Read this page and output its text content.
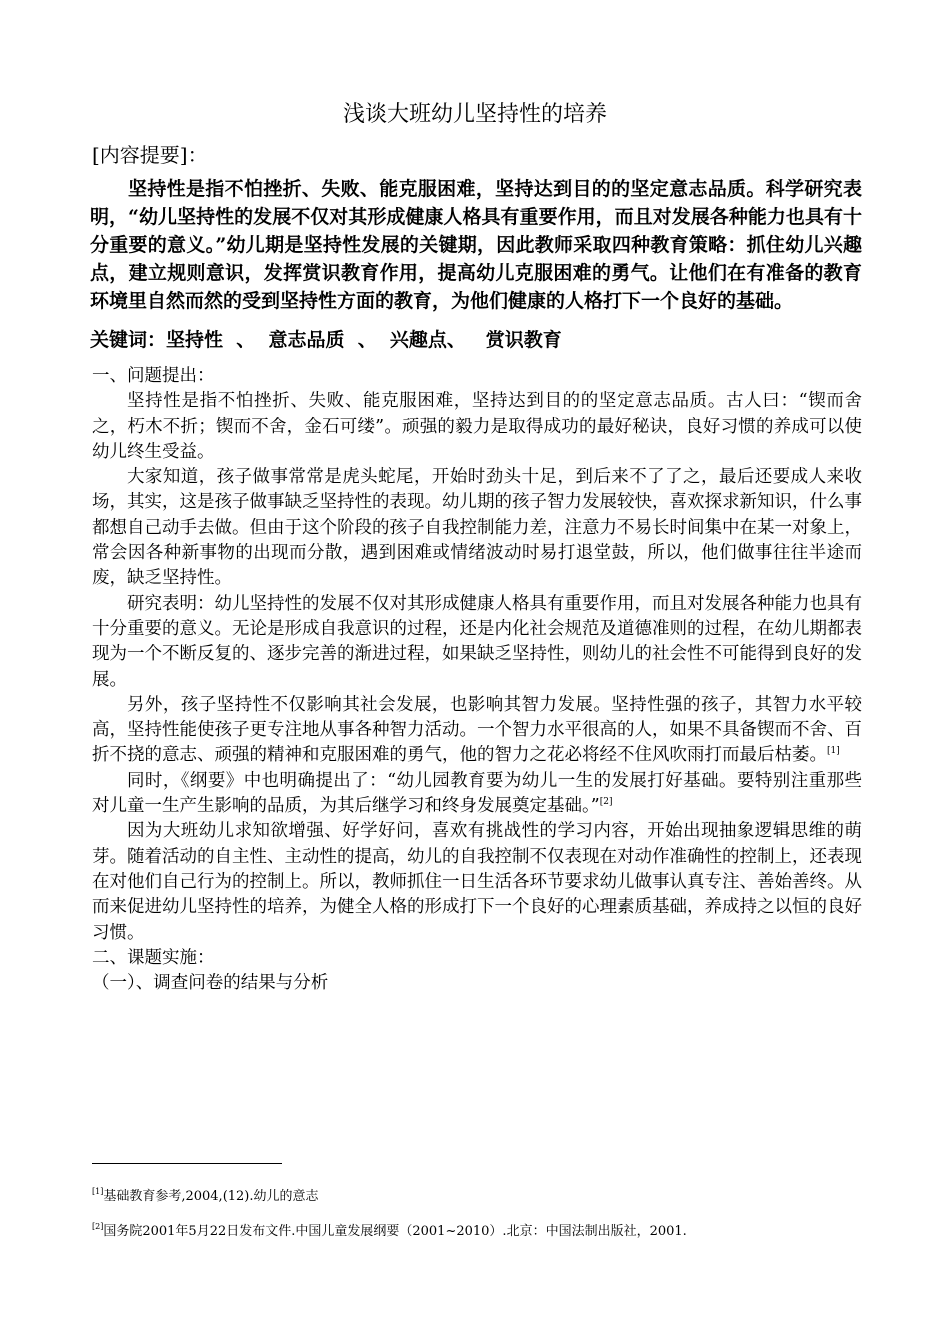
浅谈大班幼儿坚持性的培养
[内容提要]：

坚持性是指不怕挫折、失败、能克服困难，坚持达到目的的坚定意志品质。科学研究表明，“幼儿坚持性的发展不仅对其形成健康人格具有重要作用，而且对发展各种能力也具有十分重要的意义。”幼儿期是坚持性发展的关键期，因此教师采取四种教育策略：抓住幼儿兴趣点，建立规则意识，发挥赏识教育作用，提高幼儿克服困难的勇气。让他们在有准备的教育环境里自然而然的受到坚持性方面的教育，为他们健康的人格打下一个良好的基础。

关键词：坚持性  、  意志品质  、  兴趣点、   赏识教育
一、问题提出：

坚持性是指不怕挫折、失败、能克服困难，坚持达到目的的坚定意志品质。古人曰：“锲而舍之，朽木不折；锲而不舍，金石可缕”。顽强的毅力是取得成功的最好秘诀，良好习惯的养成可以使幼儿终生受益。

大家知道，孩子做事常常是虎头蛇尾，开始时劲头十足，到后来不了了之，最后还要成人来收场，其实，这是孩子做事缺乏坚持性的表现。幼儿期的孩子智力发展较快，喜欢探求新知识，什么事都想自己动手去做。但由于这个阶段的孩子自我控制能力差，注意力不易长时间集中在某一对象上，常会因各种新事物的出现而分散，遇到困难或情绪波动时易打退堂鼓，所以，他们做事往往半途而废，缺乏坚持性。

研究表明：幼儿坚持性的发展不仅对其形成健康人格具有重要作用，而且对发展各种能力也具有十分重要的意义。无论是形成自我意识的过程，还是内化社会规范及道德准则的过程，在幼儿期都表现为一个不断反复的、逐步完善的渐进过程，如果缺乏坚持性，则幼儿的社会性不可能得到良好的发展。

另外，孩子坚持性不仅影响其社会发展，也影响其智力发展。坚持性强的孩子，其智力水平较高，坚持性能使孩子更专注地从事各种智力活动。一个智力水平很高的人，如果不具备锲而不舍、百折不挠的意志、顽强的精神和克服困难的勇气，他的智力之花必将经不住风吹雨打而最后枯萎。[1]

同时，《纲要》中也明确提出了：“幼儿园教育要为幼儿一生的发展打好基础。要特别注重那些对儿童一生产生影响的品质，为其后继学习和终身发展奠定基础。”[2]

因为大班幼儿求知欲增强、好学好问，喜欢有挑战性的学习内容，开始出现抽象逻辑思维的萌芽。随着活动的自主性、主动性的提高，幼儿的自我控制不仅表现在对动作准确性的控制上，还表现在对他们自己行为的控制上。所以，教师抓住一日生活各环节要求幼儿做事认真专注、善始善终。从而来促进幼儿坚持性的培养，为健全人格的形成打下一个良好的心理素质基础，养成持之以恒的良好习惯。

二、课题实施：
（一）、调查问卷的结果与分析
[1]基础教育参考,2004,(12).幼儿的意志
[2]国务院2001年5月22日发布文件.中国儿童发展纲要（2001~2010）.北京：中国法制出版社，2001.
